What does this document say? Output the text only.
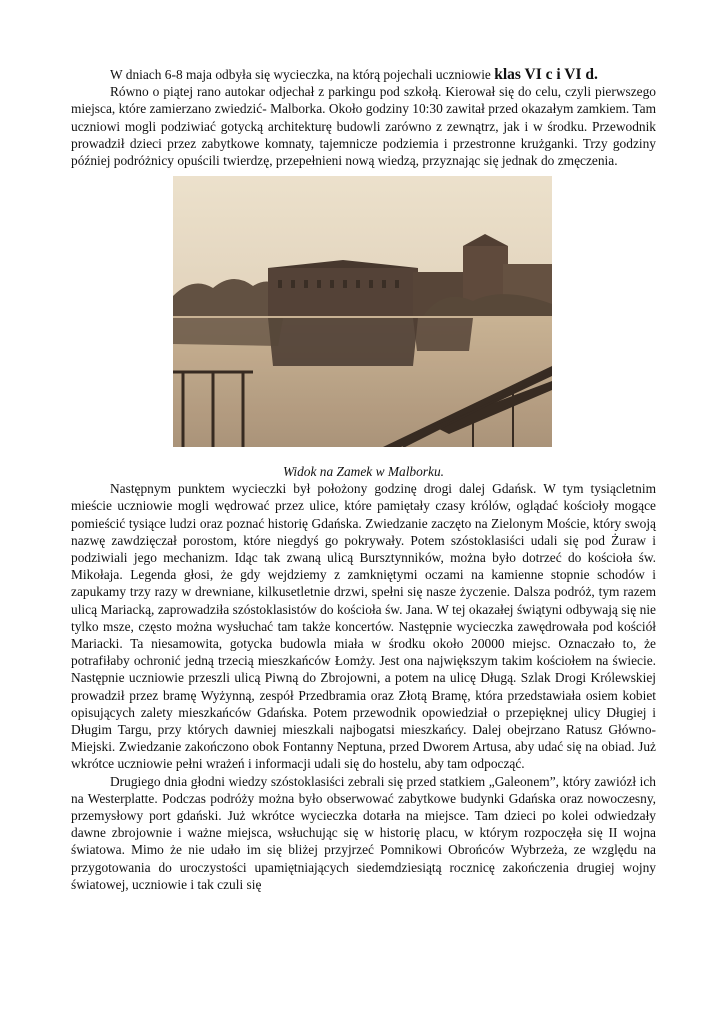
W dniach 6-8 maja odbyła się wycieczka, na którą pojechali uczniowie klas VI c i VI d.

Równo o piątej rano autokar odjechał z parkingu pod szkołą. Kierował się do celu, czyli pierwszego miejsca, które zamierzano zwiedzić- Malborka. Około godziny 10:30 zawitał przed okazałym zamkiem. Tam uczniowi mogli podziwiać gotycką architekturę budowli zarówno z zewnątrz, jak i w środku. Przewodnik prowadził dzieci przez zabytkowe komnaty, tajemnicze podziemia i przestronne krużganki. Trzy godziny później podróżnicy opuścili twierdzę, przepełnieni nową wiedzą, przyznając się jednak do zmęczenia.

Widok na Zamek w Malborku.

Następnym punktem wycieczki był położony godzinę drogi dalej Gdańsk. W tym tysiącletnim mieście uczniowie mogli wędrować przez ulice, które pamiętały czasy królów, oglądać kościoły mogące pomieścić tysiące ludzi oraz poznać historię Gdańska. Zwiedzanie zaczęto na Zielonym Moście, który swoją nazwę zawdzięczał porostom, które niegdyś go pokrywały. Potem szóstoklasiści udali się pod Żuraw i podziwiali jego mechanizm. Idąc tak zwaną ulicą Bursztynników, można było dotrzeć do kościoła św. Mikołaja. Legenda głosi, że gdy wejdziemy z zamkniętymi oczami na kamienne stopnie schodów i zapukamy trzy razy w drewniane, kilkusetletnie drzwi, spełni się nasze życzenie. Dalsza podróż, tym razem ulicą Mariacką, zaprowadziła szóstoklasistów do kościoła św. Jana. W tej okazałej świątyni odbywają się nie tylko msze, często można wysłuchać tam także koncertów. Następnie wycieczka zawędrowała pod kościół Mariacki. Ta niesamowita, gotycka budowla miała w środku około 20000 miejsc. Oznaczało to, że potrafiłaby ochronić jedną trzecią mieszkańców Łomży. Jest ona największym takim kościołem na świecie. Następnie uczniowie przeszli ulicą Piwną do Zbrojowni, a potem na ulicę Długą. Szlak Drogi Królewskiej prowadził przez bramę Wyżynną, zespół Przedbramia oraz Złotą Bramę, która przedstawiała osiem kobiet opisujących zalety mieszkańców Gdańska. Potem przewodnik opowiedział o przepięknej ulicy Długiej i Długim Targu, przy których dawniej mieszkali najbogatsi mieszkańcy. Dalej obejrzano Ratusz Główno-Miejski. Zwiedzanie zakończono obok Fontanny Neptuna, przed Dworem Artusa, aby udać się na obiad. Już wkrótce uczniowie pełni wrażeń i informacji udali się do hostelu, aby tam odpocząć.

Drugiego dnia głodni wiedzy szóstoklasiści zebrali się przed statkiem „Galeonem”, który zawiózł ich na Westerplatte. Podczas podróży można było obserwować zabytkowe budynki Gdańska oraz nowoczesny, przemysłowy port gdański. Już wkrótce wycieczka dotarła na miejsce. Tam dzieci po kolei odwiedzały dawne zbrojownie i ważne miejsca, wsłuchując się w historię placu, w którym rozpoczęła się II wojna światowa. Mimo że nie udało im się bliżej przyjrzeć Pomnikowi Obrońców Wybrzeża, ze względu na przygotowania do uroczystości upamiętniających siedemdziesiątą rocznicę zakończenia drugiej wojny światowej, uczniowie i tak czuli się
